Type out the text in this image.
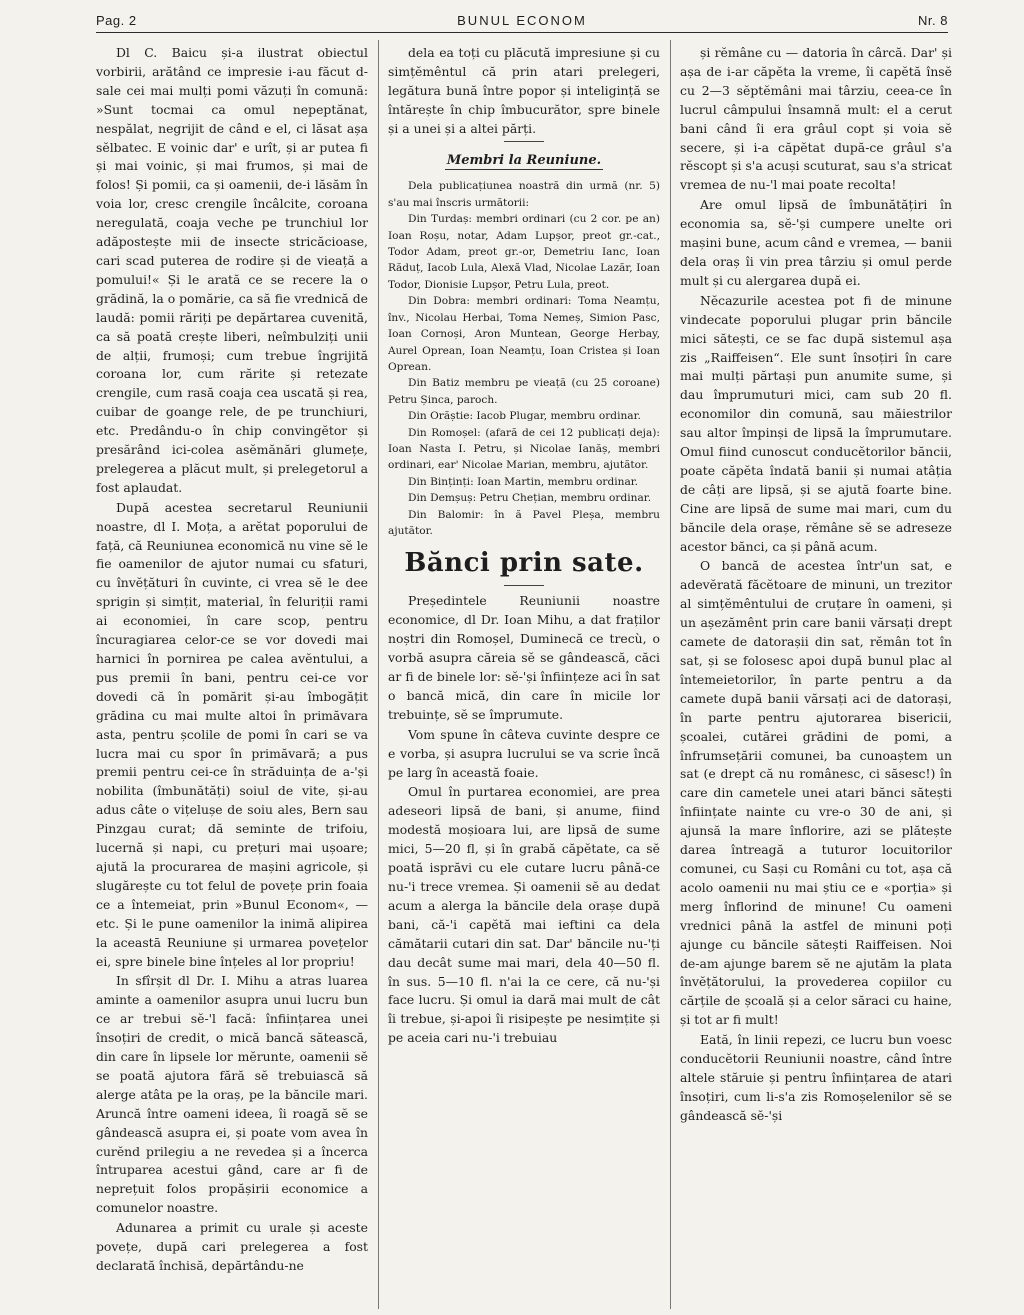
Pag. 2	BUNUL ECONOM	Nr. 8

Dl C. Baicu și-a ilustrat obiectul vorbirii, arătând ce impresie i-au făcut d-sale cei mai mulți pomi văzuți în comună: »Sunt tocmai ca omul nepeptănat, nespălat, negrijit de când e el, ci lăsat așa sĕlbatec. E voinic dar' e urît, și ar putea fi și mai voinic, și mai frumos, și mai de folos! Și pomii, ca și oamenii, de-i lăsăm în voia lor, cresc crengile încâlcite, coroana neregulată, coaja veche pe trunchiul lor adăpostește mii de insecte stricăcioase, cari scad puterea de rodire și de vieață a pomului!« Și le arată ce se recere la o grădină, la o pomărie, ca să fie vrednică de laudă: pomii răriți pe depărtarea cuvenită, ca să poată crește liberi, neîmbulziți unii de alții, frumoși; cum trebue îngrijită coroana lor, cum rărite și retezate crengile, cum rasă coaja cea uscată și rea, cuibar de goange rele, de pe trunchiuri, etc. Predându-o în chip convingĕtor și presărând ici-colea asĕmănări glumețe, prelegerea a plăcut mult, și prelegetorul a fost aplaudat.

După acestea secretarul Reuniunii noastre, dl I. Moța, a arĕtat poporului de față, că Reuniunea economică nu vine sĕ le fie oamenilor de ajutor numai cu sfaturi, cu învĕțături în cuvinte, ci vrea sĕ le dee sprigin și simțit, material, în feluriții rami ai economiei, în care scop, pentru încuragiarea celor-ce se vor dovedi mai harnici în pornirea pe calea avĕntului, a pus premii în bani, pentru cei-ce vor dovedi că în pomărit și-au îmbogățit grădina cu mai multe altoi în primăvara asta, pentru școlile de pomi în cari se va lucra mai cu spor în primăvară; a pus premii pentru cei-ce în străduința de a-'și nobilita (îmbunătăți) soiul de vite, și-au adus câte o vițelușe de soiu ales, Bern sau Pinzgau curat; dă seminte de trifoiu, lucernă și napi, cu prețuri mai ușoare; ajută la procurarea de mașini agricole, și slugărește cu tot felul de povețe prin foaia ce a întemeiat, prin »Bunul Econom«, — etc. Și le pune oamenilor la inimă alipirea la aceastā Reuniune și urmarea povețelor ei, spre binele bine înțeles al lor propriu!

In sfîrșit dl Dr. I. Mihu a atras luarea aminte a oamenilor asupra unui lucru bun ce ar trebui sĕ-'l facă: înființarea unei însoțiri de credit, o mică bancă sătească, din care în lipsele lor mĕrunte, oamenii sĕ se poată ajutora fără sĕ trebuiască să alerge atâta pe la oraș, pe la băncile mari. Aruncă între oameni ideea, îi roagă sĕ se gândească asupra ei, și poate vom avea în curĕnd prilegiu a ne revedea și a încerca întruparea acestui gând, care ar fi de neprețuit folos propășirii economice a comunelor noastre.

Adunarea a primit cu urale și aceste povețe, după cari prelegerea a fost declarată închisă, depărtându-ne

dela ea toți cu plăcută impresiune și cu simțĕmêntul că prin atari prelegeri, legătura bună între popor și inteligință se întărește în chip îmbucurător, spre binele și a unei și a altei părți.

Membri la Reuniune.

Dela publicațiunea noastră din urmă (nr. 5) s'au mai înscris următorii:

Din Turdaș: membri ordinari (cu 2 cor. pe an) Ioan Roșu, notar, Adam Lupșor, preot gr.-cat., Todor Adam, preot gr.-or, Demetriu Ianc, Ioan Răduț, Iacob Lula, Alexă Vlad, Nicolae Lazăr, Ioan Todor, Dionisie Lupșor, Petru Lula, preot.

Din Dobra: membri ordinari: Toma Neamțu, înv., Nicolau Herbai, Toma Nemeș, Simion Pasc, Ioan Cornoși, Aron Muntean, George Herbay, Aurel Oprean, Ioan Neamțu, Ioan Cristea și Ioan Oprean.

Din Batiz membru pe vieață (cu 25 coroane) Petru Șinca, paroch.

Din Orăștie: Iacob Plugar, membru ordinar.

Din Romoșel: (afară de cei 12 publicați deja): Ioan Nasta I. Petru, și Nicolae Ianăș, membri ordinari, ear' Nicolae Marian, membru, ajutător.

Din Binținți: Ioan Martin, membru ordinar.

Din Demșuș: Petru Chețian, membru ordinar.

Din Balomir: în ă Pavel Pleșa, membru ajutător.

Bănci prin sate.

Președintele Reuniunii noastre economice, dl Dr. Ioan Mihu, a dat fraților noștri din Romoșel, Duminecă ce trecù, o vorbă asupra căreia sĕ se gândească, căci ar fi de binele lor: sĕ-'și înființeze aci în sat o bancă mică, din care în micile lor trebuințe, sĕ se împrumute.

Vom spune în câteva cuvinte despre ce e vorba, și asupra lucrului se va scrie încă pe larg în această foaie.

Omul în purtarea economiei, are prea adeseori lipsă de bani, și anume, fiind modestă moșioara lui, are lipsă de sume mici, 5—20 fl, și în grabă căpĕtate, ca sĕ poată isprăvi cu ele cutare lucru până-ce nu-'i trece vremea. Și oamenii sĕ au dedat acum a alerga la băncile dela orașe după bani, că-'i capĕtă mai ieftini ca dela cămătarii cutari din sat. Dar' băncile nu-'ți dau decât sume mai mari, dela 40—50 fl. în sus. 5—10 fl. n'ai la ce cere, că nu-'și face lucru. Și omul ia dară mai mult de cât îi trebue, și-apoi îi risipește pe nesimțite și pe aceia cari nu-'i trebuiau

și rĕmâne cu — datoria în cârcă. Dar' și așa de i-ar căpĕta la vreme, îi capĕtă însĕ cu 2—3 sĕptĕmâni mai târziu, ceea-ce în lucrul câmpului însamnă mult: el a cerut bani când îi era grâul copt și voia sĕ secere, și i-a căpĕtat după-ce grâul s'a rĕscopt și s'a acuși scuturat, sau s'a stricat vremea de nu-'l mai poate recolta!

Are omul lipsă de îmbunătățiri în economia sa, sĕ-'și cumpere unelte ori mașini bune, acum când e vremea, — banii dela oraș îi vin prea târziu și omul perde mult și cu alergarea după ei.

Nĕcazurile acestea pot fi de minune vindecate poporului plugar prin băncile mici sătești, ce se fac după sistemul așa zis „Raiffeisen“. Ele sunt însoțiri în care mai mulți părtași pun anumite sume, și dau împrumuturi mici, cam sub 20 fl. economilor din comună, sau măiestrilor sau altor împinși de lipsă la împrumutare. Omul fiind cunoscut conducĕtorilor băncii, poate căpĕta îndată banii și numai atâția de câți are lipsă, și se ajută foarte bine. Cine are lipsă de sume mai mari, cum du băncile dela orașe, rĕmâne sĕ se adreseze acestor bănci, ca și până acum.

O bancă de acestea într'un sat, e adevĕrată făcĕtoare de minuni, un trezitor al simțĕmêntului de cruțare în oameni, și un așezămênt prin care banii vărsați drept camete de datorașii din sat, rĕmân tot în sat, și se folosesc apoi după bunul plac al întemeietorilor, în parte pentru a da camete după banii vărsați aci de datorași, în parte pentru ajutorarea bisericii, școalei, cutărei grădini de pomi, a înfrumsețării comunei, ba cunoaștem un sat (e drept că nu românesc, ci săsesc!) în care din cametele unei atari bănci sătești înființate nainte cu vre-o 30 de ani, și ajunsă la mare înflorire, azi se plătește darea întreagă a tuturor locuitorilor comunei, cu Sași cu Români cu tot, așa că acolo oamenii nu mai știu ce e «porția» și merg înflorind de minune! Cu oameni vrednici până la astfel de minuni poți ajunge cu băncile sătești Raiffeisen. Noi de-am ajunge barem sĕ ne ajutăm la plata învĕțătorului, la provederea copiilor cu cărțile de școală și a celor săraci cu haine, și tot ar fi mult!

Eată, în linii repezi, ce lucru bun voesc conducĕtorii Reuniunii noastre, când între altele stăruie și pentru înființarea de atari însoțiri, cum li-s'a zis Romoșelenilor sĕ se gândească sĕ-'și
